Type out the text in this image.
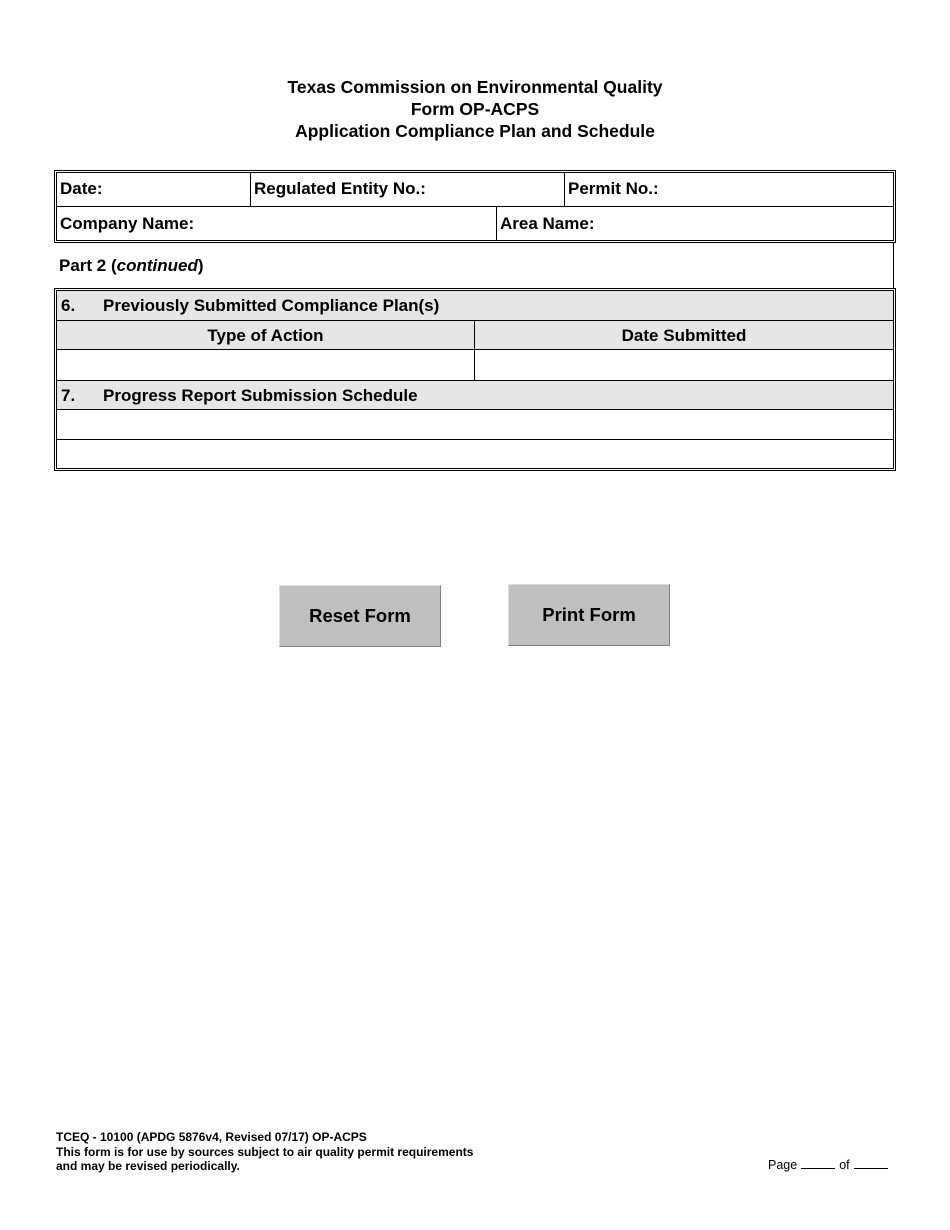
Texas Commission on Environmental Quality
Form OP-ACPS
Application Compliance Plan and Schedule
Date:	Regulated Entity No.:	Permit No.:
Company Name:	Area Name:
Part 2 (continued)
6. Previously Submitted Compliance Plan(s)
Type of Action	Date Submitted
7. Progress Report Submission Schedule
Reset Form	Print Form
TCEQ - 10100 (APDG 5876v4, Revised 07/17) OP-ACPS
This form is for use by sources subject to air quality permit requirements
and may be revised periodically.	Page	of
